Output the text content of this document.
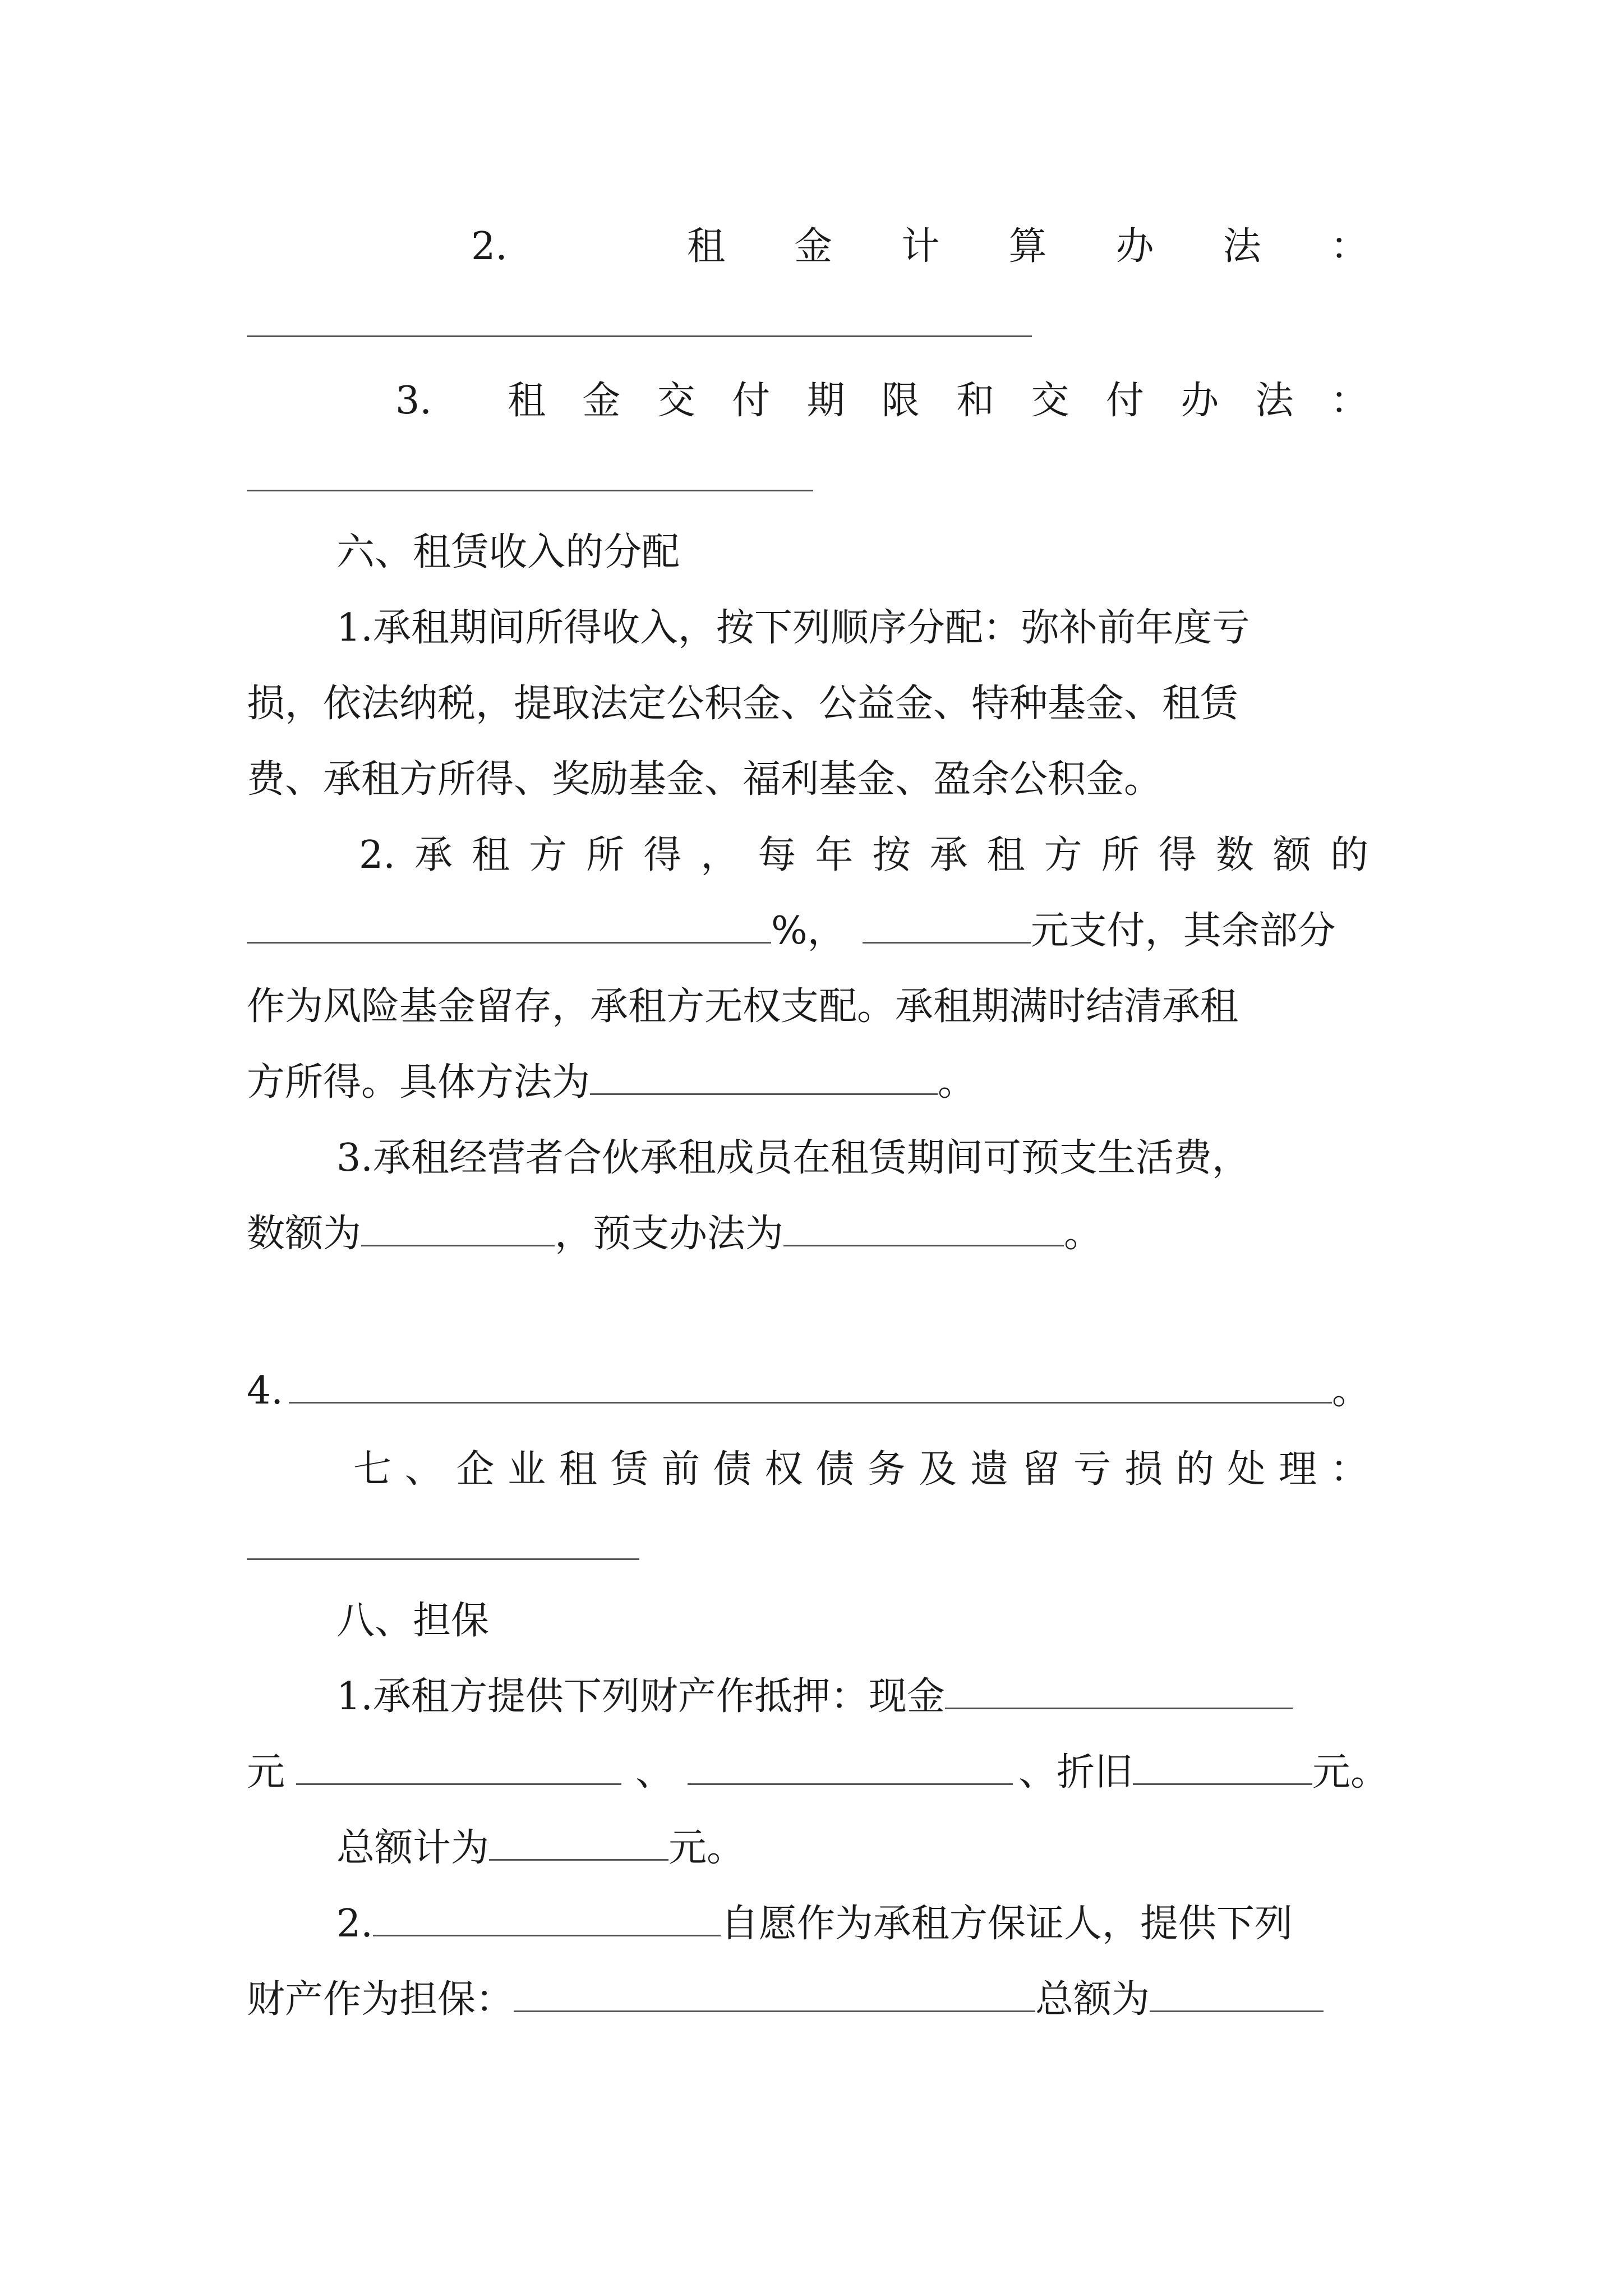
2.	租 金 计 算 办 法 ：
3.	租 金 交 付 期 限 和 交 付 办 法 ：
六、租赁收入的分配
1.承租期间所得收入，按下列顺序分配：弥补前年度亏
损，依法纳税，提取法定公积金、公益金、特种基金、租赁
费、承租方所得、奖励基金、福利基金、盈余公积金。
2. 承 租 方 所 得 ， 每 年 按 承 租 方 所 得 数 额 的
%，	元支付，其余部分
作为风险基金留存，承租方无权支配。承租期满时结清承租
方所得。具体方法为	。
3.承租经营者合伙承租成员在租赁期间可预支生活费，
数额为	，预支办法为	。
4.	。
七 、 企 业 租 赁 前 债 权 债 务 及 遗 留 亏 损 的 处 理 ：
八、担保
1.承租方提供下列财产作抵押：现金
元	、	、折旧	元。
总额计为	元。
2.	自愿作为承租方保证人，提供下列
财产作为担保：	总额为
